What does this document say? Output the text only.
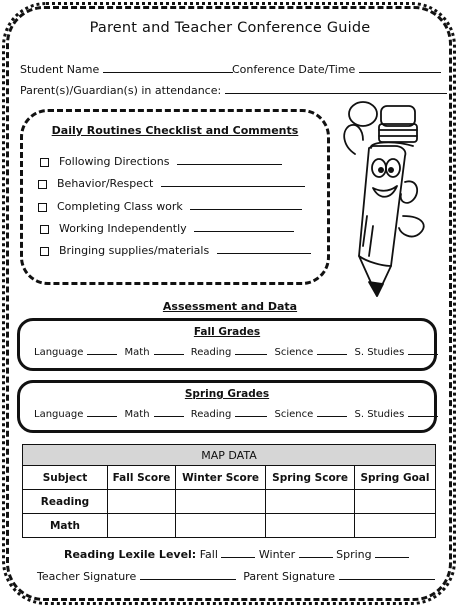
Parent and Teacher Conference Guide
Student Name	Conference Date/Time
Parent(s)/Guardian(s) in attendance:
Daily Routines Checklist and Comments
Following Directions
Behavior/Respect
Completing Class work
Working Independently
Bringing supplies/materials
Assessment and Data
Fall Grades
Language	Math	Reading	Science	S. Studies
Spring Grades
Language	Math	Reading	Science	S. Studies
MAP DATA				
Subject	Fall Score	Winter Score	Spring Score	Spring Goal
Reading				
Math				
Reading Lexile Level: Fall	Winter	Spring
Teacher Signature	Parent Signature
